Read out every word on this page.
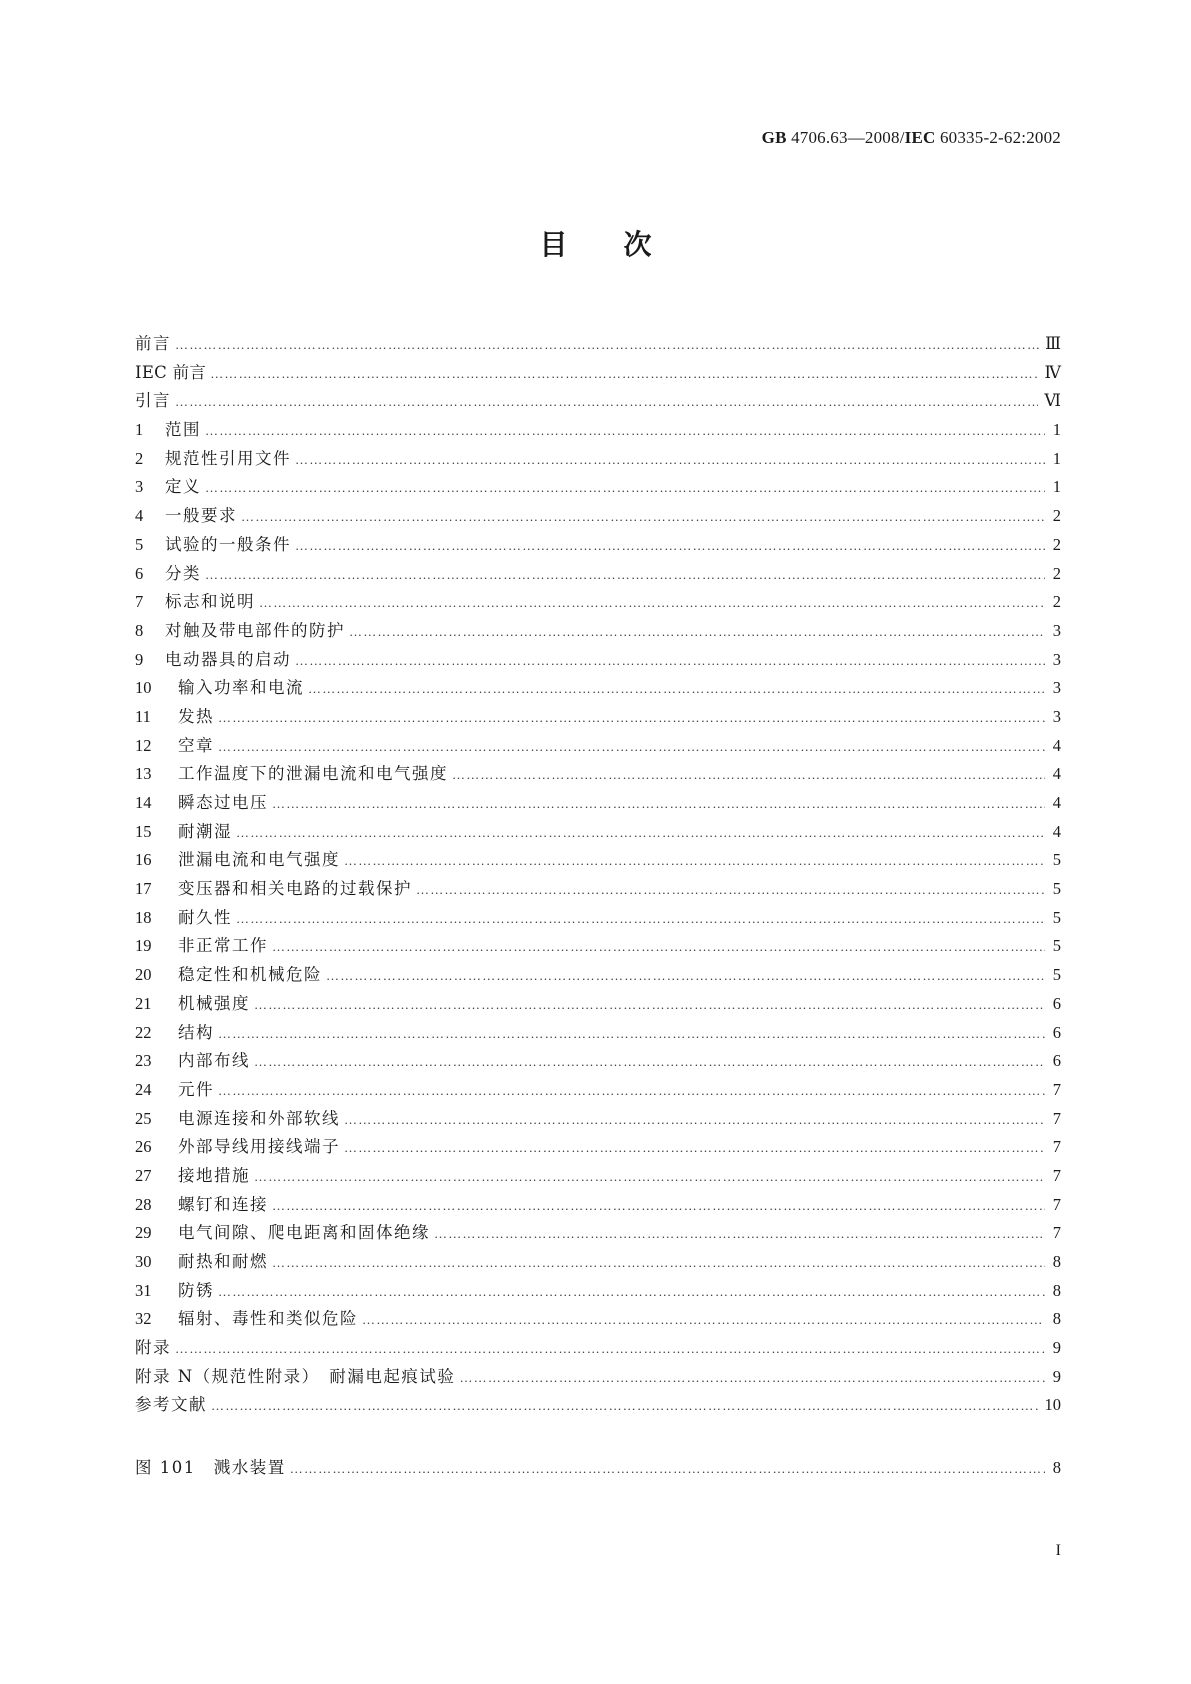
GB 4706.63—2008/IEC 60335-2-62:2002
目　　次
前言 …………………………………………………………………………………………………………………………………………………………………………………………………………………………	Ⅲ
IEC 前言 …………………………………………………………………………………………………………………………………………………………………………………………………………………………	Ⅳ
引言 …………………………………………………………………………………………………………………………………………………………………………………………………………………………	Ⅵ
1	范围 …………………………………………………………………………………………………………………………………………………………………………………………………………………………	1
2	规范性引用文件 …………………………………………………………………………………………………………………………………………………………………………………………………………………………	1
3	定义 …………………………………………………………………………………………………………………………………………………………………………………………………………………………	1
4	一般要求 …………………………………………………………………………………………………………………………………………………………………………………………………………………………	2
5	试验的一般条件 …………………………………………………………………………………………………………………………………………………………………………………………………………………………	2
6	分类 …………………………………………………………………………………………………………………………………………………………………………………………………………………………	2
7	标志和说明 …………………………………………………………………………………………………………………………………………………………………………………………………………………………	2
8	对触及带电部件的防护 …………………………………………………………………………………………………………………………………………………………………………………………………………………………	3
9	电动器具的启动 …………………………………………………………………………………………………………………………………………………………………………………………………………………………	3
10	输入功率和电流 …………………………………………………………………………………………………………………………………………………………………………………………………………………………	3
11	发热 …………………………………………………………………………………………………………………………………………………………………………………………………………………………	3
12	空章 …………………………………………………………………………………………………………………………………………………………………………………………………………………………	4
13	工作温度下的泄漏电流和电气强度 …………………………………………………………………………………………………………………………………………………………………………………………………………………………	4
14	瞬态过电压 …………………………………………………………………………………………………………………………………………………………………………………………………………………………	4
15	耐潮湿 …………………………………………………………………………………………………………………………………………………………………………………………………………………………	4
16	泄漏电流和电气强度 …………………………………………………………………………………………………………………………………………………………………………………………………………………………	5
17	变压器和相关电路的过载保护 …………………………………………………………………………………………………………………………………………………………………………………………………………………………	5
18	耐久性 …………………………………………………………………………………………………………………………………………………………………………………………………………………………	5
19	非正常工作 …………………………………………………………………………………………………………………………………………………………………………………………………………………………	5
20	稳定性和机械危险 …………………………………………………………………………………………………………………………………………………………………………………………………………………………	5
21	机械强度 …………………………………………………………………………………………………………………………………………………………………………………………………………………………	6
22	结构 …………………………………………………………………………………………………………………………………………………………………………………………………………………………	6
23	内部布线 …………………………………………………………………………………………………………………………………………………………………………………………………………………………	6
24	元件 …………………………………………………………………………………………………………………………………………………………………………………………………………………………	7
25	电源连接和外部软线 …………………………………………………………………………………………………………………………………………………………………………………………………………………………	7
26	外部导线用接线端子 …………………………………………………………………………………………………………………………………………………………………………………………………………………………	7
27	接地措施 …………………………………………………………………………………………………………………………………………………………………………………………………………………………	7
28	螺钉和连接 …………………………………………………………………………………………………………………………………………………………………………………………………………………………	7
29	电气间隙、爬电距离和固体绝缘 …………………………………………………………………………………………………………………………………………………………………………………………………………………………	7
30	耐热和耐燃 …………………………………………………………………………………………………………………………………………………………………………………………………………………………	8
31	防锈 …………………………………………………………………………………………………………………………………………………………………………………………………………………………	8
32	辐射、毒性和类似危险 …………………………………………………………………………………………………………………………………………………………………………………………………………………………	8
附录 …………………………………………………………………………………………………………………………………………………………………………………………………………………………	9
附录 N（规范性附录）　耐漏电起痕试验 …………………………………………………………………………………………………………………………………………………………………………………………………………………………	9
参考文献 …………………………………………………………………………………………………………………………………………………………………………………………………………………………	10
图 101　溅水装置 …………………………………………………………………………………………………………………………………………………………………………………………………………………………	8
I
